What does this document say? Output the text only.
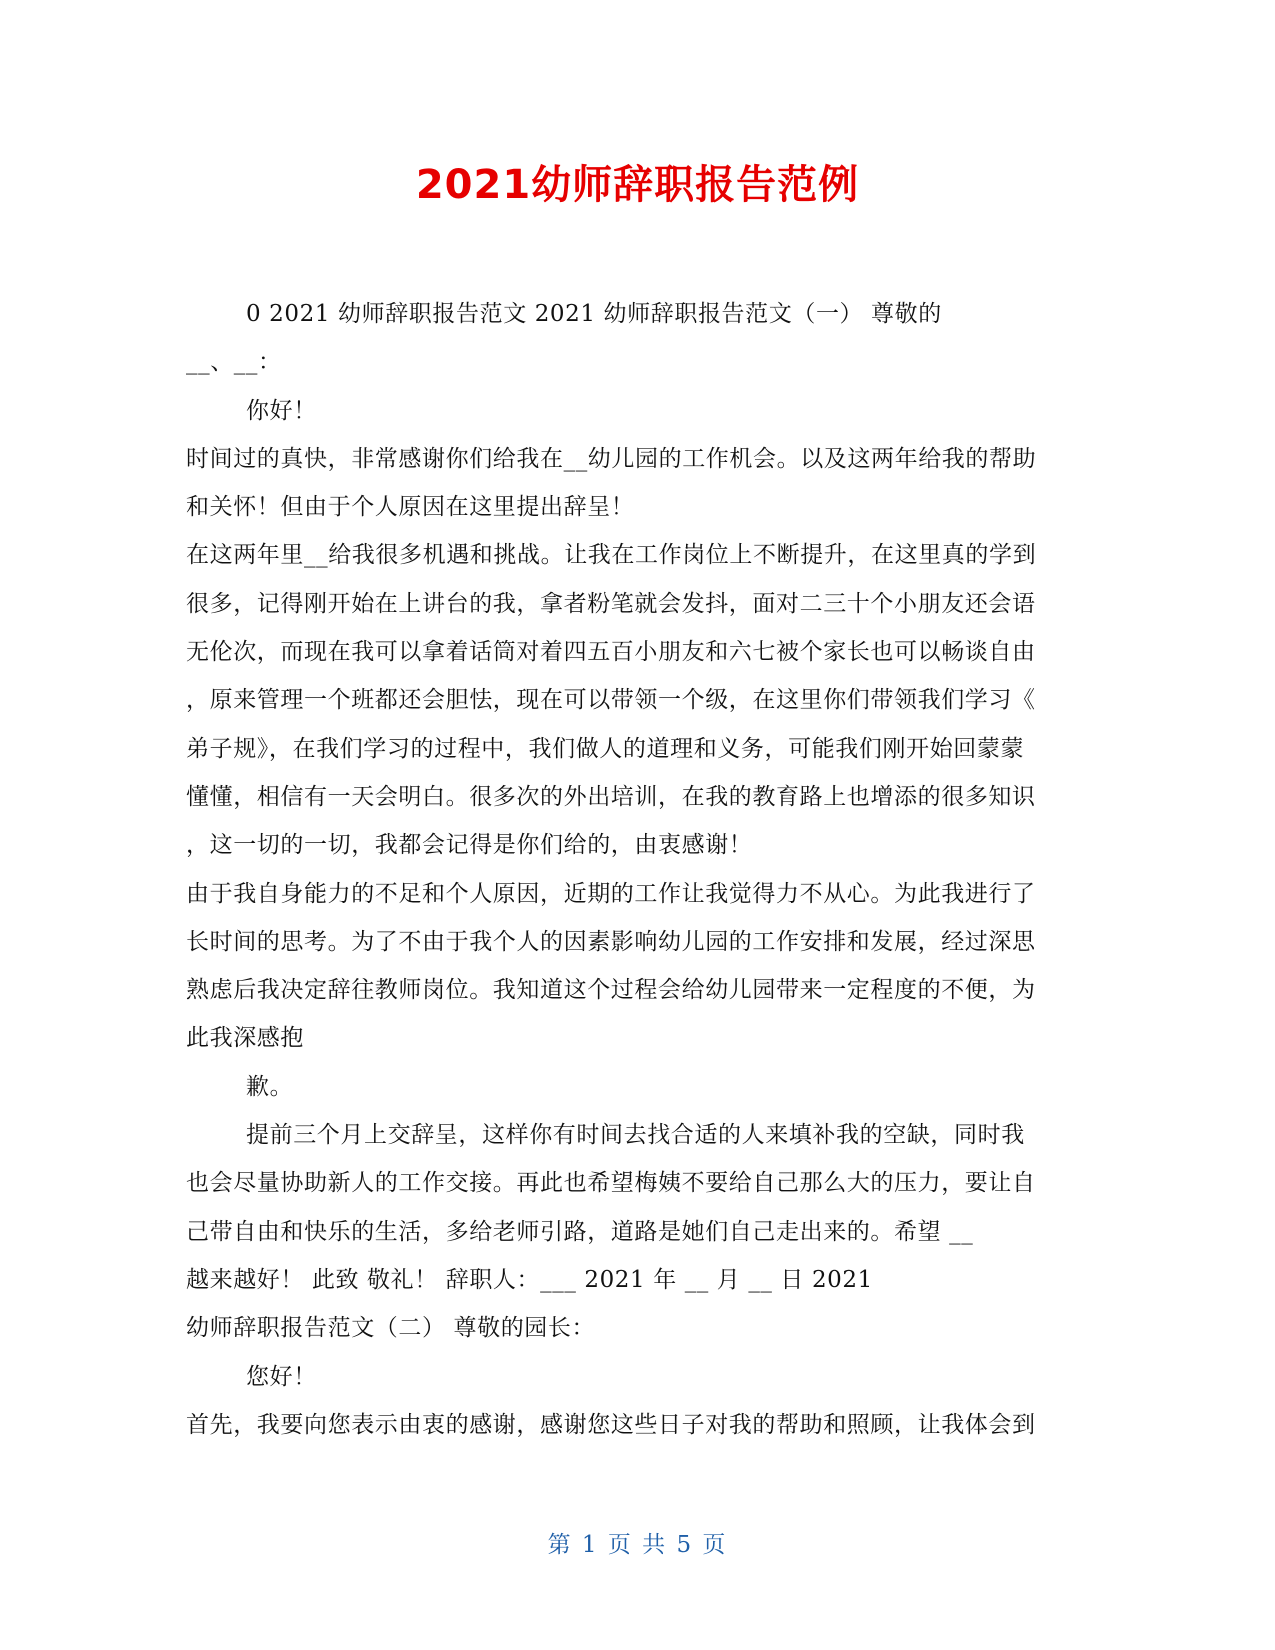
2021幼师辞职报告范例
0 2021 幼师辞职报告范文 2021 幼师辞职报告范文（一） 尊敬的
__、__：
你好！
时间过的真快，非常感谢你们给我在__幼儿园的工作机会。以及这两年给我的帮助
和关怀！但由于个人原因在这里提出辞呈！
在这两年里__给我很多机遇和挑战。让我在工作岗位上不断提升，在这里真的学到
很多，记得刚开始在上讲台的我，拿者粉笔就会发抖，面对二三十个小朋友还会语
无伦次，而现在我可以拿着话筒对着四五百小朋友和六七被个家长也可以畅谈自由
，原来管理一个班都还会胆怯，现在可以带领一个级，在这里你们带领我们学习《
弟子规》，在我们学习的过程中，我们做人的道理和义务，可能我们刚开始回蒙蒙
懂懂，相信有一天会明白。很多次的外出培训，在我的教育路上也增添的很多知识
，这一切的一切，我都会记得是你们给的，由衷感谢！
由于我自身能力的不足和个人原因，近期的工作让我觉得力不从心。为此我进行了
长时间的思考。为了不由于我个人的因素影响幼儿园的工作安排和发展，经过深思
熟虑后我决定辞往教师岗位。我知道这个过程会给幼儿园带来一定程度的不便，为
此我深感抱
歉。
提前三个月上交辞呈，这样你有时间去找合适的人来填补我的空缺，同时我
也会尽量协助新人的工作交接。再此也希望梅姨不要给自己那么大的压力，要让自
己带自由和快乐的生活，多给老师引路，道路是她们自己走出来的。希望 __
越来越好！ 此致 敬礼！ 辞职人：___ 2021 年 __ 月 __ 日 2021
幼师辞职报告范文（二） 尊敬的园长：
您好！
首先，我要向您表示由衷的感谢，感谢您这些日子对我的帮助和照顾，让我体会到
第 1 页 共 5 页
